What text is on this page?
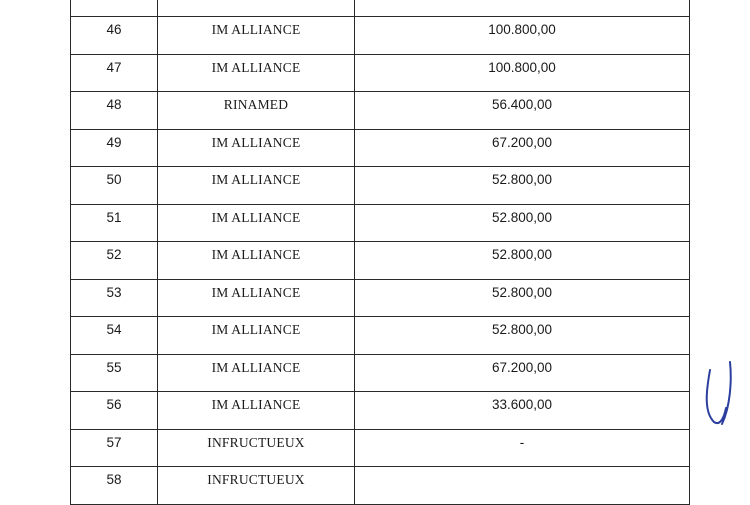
46	IM ALLIANCE	100.800,00
47	IM ALLIANCE	100.800,00
48	RINAMED	56.400,00
49	IM ALLIANCE	67.200,00
50	IM ALLIANCE	52.800,00
51	IM ALLIANCE	52.800,00
52	IM ALLIANCE	52.800,00
53	IM ALLIANCE	52.800,00
54	IM ALLIANCE	52.800,00
55	IM ALLIANCE	67.200,00
56	IM ALLIANCE	33.600,00
57	INFRUCTUEUX	-
58	INFRUCTUEUX
